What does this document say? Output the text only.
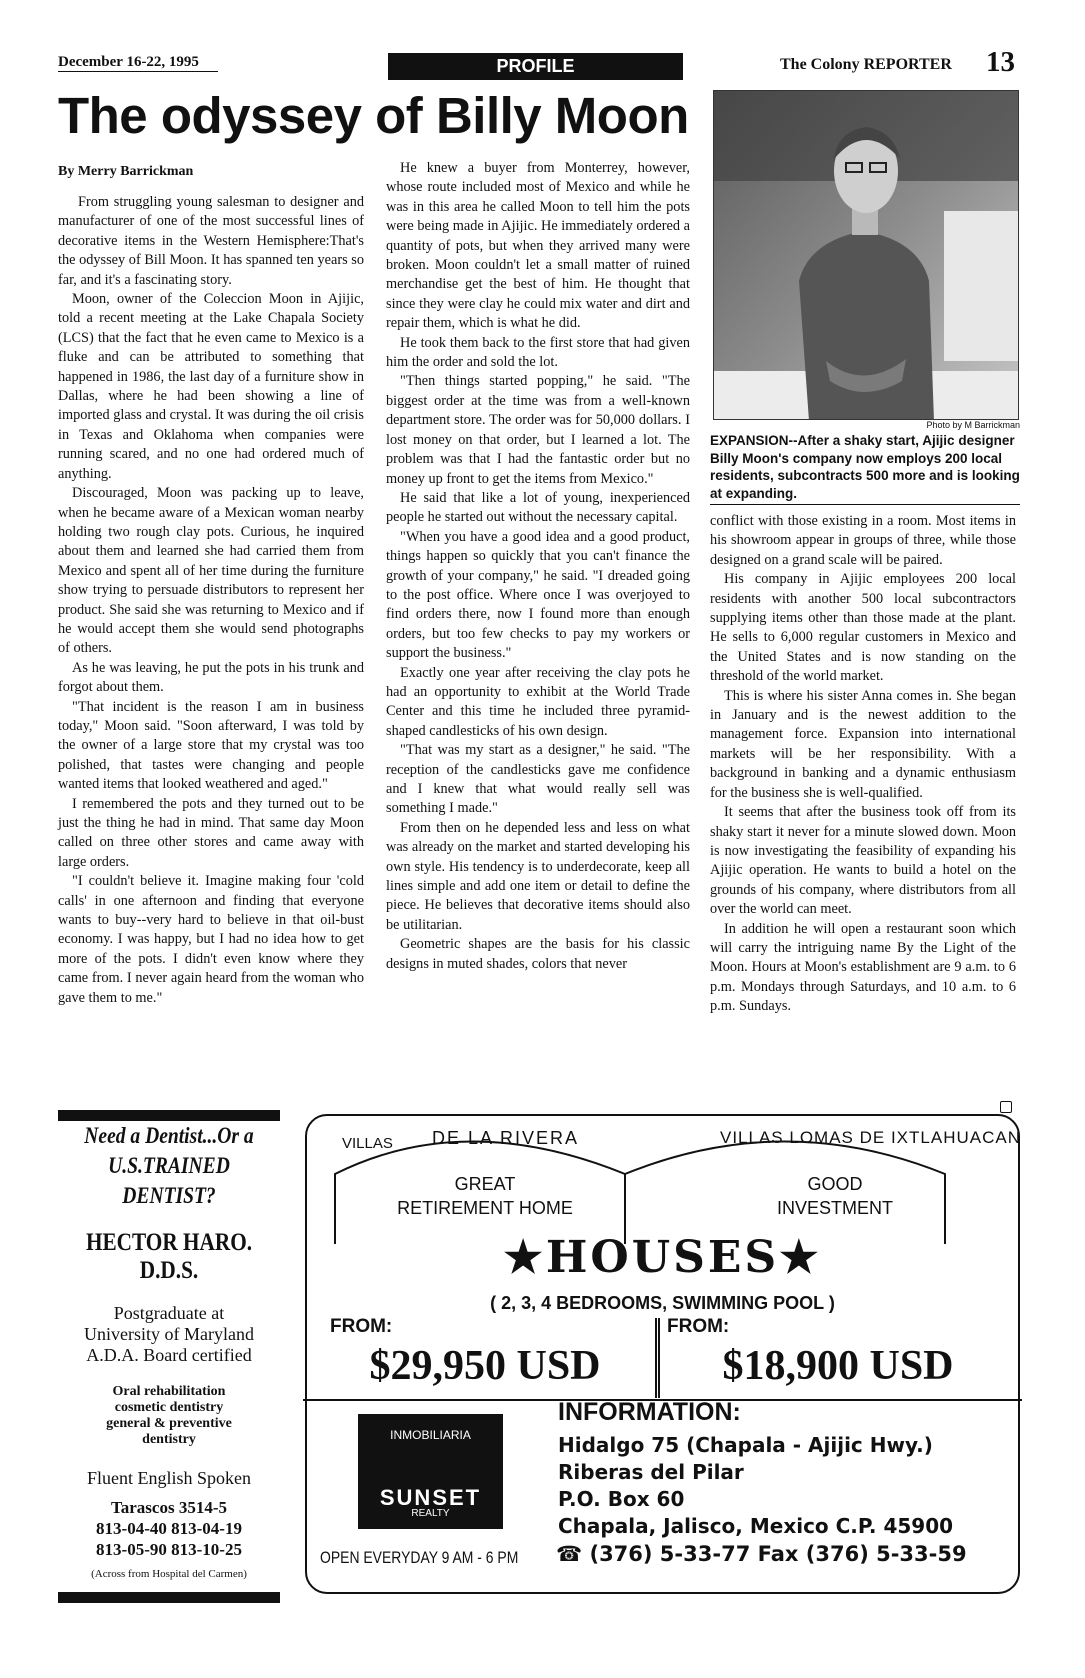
December 16-22, 1995	PROFILE	The Colony REPORTER 13
The odyssey of Billy Moon
By Merry Barrickman

From struggling young salesman to designer and manufacturer of one of the most successful lines of decorative items in the Western Hemisphere:That's the odyssey of Bill Moon. It has spanned ten years so far, and it's a fascinating story.

Moon, owner of the Coleccion Moon in Ajijic, told a recent meeting at the Lake Chapala Society (LCS) that the fact that he even came to Mexico is a fluke and can be attributed to something that happened in 1986, the last day of a furniture show in Dallas, where he had been showing a line of imported glass and crystal. It was during the oil crisis in Texas and Oklahoma when companies were running scared, and no one had ordered much of anything.

Discouraged, Moon was packing up to leave, when he became aware of a Mexican woman nearby holding two rough clay pots. Curious, he inquired about them and learned she had carried them from Mexico and spent all of her time during the furniture show trying to persuade distributors to represent her product. She said she was returning to Mexico and if he would accept them she would send photographs of others.

As he was leaving, he put the pots in his trunk and forgot about them.

"That incident is the reason I am in business today," Moon said. "Soon afterward, I was told by the owner of a large store that my crystal was too polished, that tastes were changing and people wanted items that looked weathered and aged."

I remembered the pots and they turned out to be just the thing he had in mind. That same day Moon called on three other stores and came away with large orders.

"I couldn't believe it. Imagine making four 'cold calls' in one afternoon and finding that everyone wants to buy--very hard to believe in that oil-bust economy. I was happy, but I had no idea how to get more of the pots. I didn't even know where they came from. I never again heard from the woman who gave them to me."

He knew a buyer from Monterrey, however, whose route included most of Mexico and while he was in this area he called Moon to tell him the pots were being made in Ajijic. He immediately ordered a quantity of pots, but when they arrived many were broken. Moon couldn't let a small matter of ruined merchandise get the best of him. He thought that since they were clay he could mix water and dirt and repair them, which is what he did.

He took them back to the first store that had given him the order and sold the lot.

"Then things started popping," he said. "The biggest order at the time was from a well-known department store. The order was for 50,000 dollars. I lost money on that order, but I learned a lot. The problem was that I had the fantastic order but no money up front to get the items from Mexico."

He said that like a lot of young, inexperienced people he started out without the necessary capital.

"When you have a good idea and a good product, things happen so quickly that you can't finance the growth of your company," he said. "I dreaded going to the post office. Where once I was overjoyed to find orders there, now I found more than enough orders, but too few checks to pay my workers or support the business."

Exactly one year after receiving the clay pots he had an opportunity to exhibit at the World Trade Center and this time he included three pyramid-shaped candlesticks of his own design.

"That was my start as a designer," he said. "The reception of the candlesticks gave me confidence and I knew that what would really sell was something I made."

From then on he depended less and less on what was already on the market and started developing his own style. His tendency is to underdecorate, keep all lines simple and add one item or detail to define the piece. He believes that decorative items should also be utilitarian.

Geometric shapes are the basis for his classic designs in muted shades, colors that never

Photo by M Barrickman
EXPANSION--After a shaky start, Ajijic designer Billy Moon's company now employs 200 local residents, subcontracts 500 more and is looking at expanding.

conflict with those existing in a room. Most items in his showroom appear in groups of three, while those designed on a grand scale will be paired.

His company in Ajijic employees 200 local residents with another 500 local subcontractors supplying items other than those made at the plant. He sells to 6,000 regular customers in Mexico and the United States and is now standing on the threshold of the world market.

This is where his sister Anna comes in. She began in January and is the newest addition to the management force. Expansion into international markets will be her responsibility. With a background in banking and a dynamic enthusiasm for the business she is well-qualified.

It seems that after the business took off from its shaky start it never for a minute slowed down. Moon is now investigating the feasibility of expanding his Ajijic operation. He wants to build a hotel on the grounds of his company, where distributors from all over the world can meet.

In addition he will open a restaurant soon which will carry the intriguing name By the Light of the Moon. Hours at Moon's establishment are 9 a.m. to 6 p.m. Mondays through Saturdays, and 10 a.m. to 6 p.m. Sundays.

Need a Dentist...Or a
U.S.TRAINED DENTIST?
HECTOR HARO. D.D.S.
Postgraduate at
University of Maryland
A.D.A. Board certified
Oral rehabilitation
cosmetic dentistry
general & preventive
dentistry
Fluent English Spoken
Tarascos 3514-5
813-04-40 813-04-19
813-05-90 813-10-25
(Across from Hospital del Carmen)
VILLAS DE LA RIVERA
GREAT
RETIREMENT HOME
VILLAS LOMAS DE IXTLAHUACAN
GOOD
INVESTMENT
★HOUSES★
( 2, 3, 4 BEDROOMS, SWIMMING POOL )
FROM:	FROM:
$29,950 USD	$18,900 USD
INMOBILIARIA
SUNSET
REALTY
OPEN EVERYDAY 9 AM - 6 PM
INFORMATION:
Hidalgo 75 (Chapala - Ajijic Hwy.)
Riberas del Pilar
P.O. Box 60
Chapala, Jalisco, Mexico C.P. 45900
☎ (376) 5-33-77 Fax (376) 5-33-59
